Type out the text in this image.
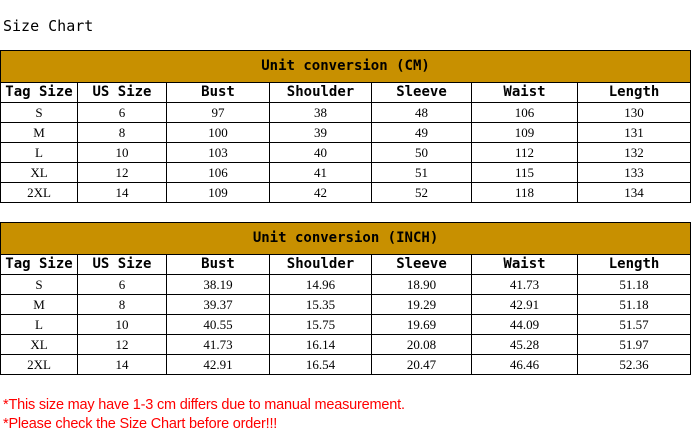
Size Chart
Unit conversion (CM)						
Tag Size	US Size	Bust	Shoulder	Sleeve	Waist	Length
S	6	97	38	48	106	130
M	8	100	39	49	109	131
L	10	103	40	50	112	132
XL	12	106	41	51	115	133
2XL	14	109	42	52	118	134
Unit conversion (INCH)						
Tag Size	US Size	Bust	Shoulder	Sleeve	Waist	Length
S	6	38.19	14.96	18.90	41.73	51.18
M	8	39.37	15.35	19.29	42.91	51.18
L	10	40.55	15.75	19.69	44.09	51.57
XL	12	41.73	16.14	20.08	45.28	51.97
2XL	14	42.91	16.54	20.47	46.46	52.36
*This size may have 1-3 cm differs due to manual measurement.
*Please check the Size Chart before order!!!
